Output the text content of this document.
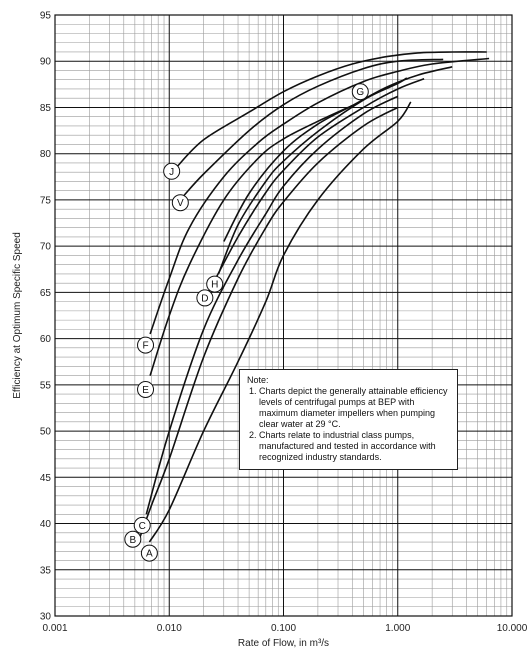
J
V
F
E
G
H
D
C
B
A
30
35
40
45
50
55
60
65
70
75
80
85
90
95
0.001	0.010	0.100	1.000	10.000
Rate of Flow, in m³/s
Efficiency at Optimum Specific Speed	Note:
1. Charts depict the generally attainable efficiency levels of centrifugal pumps at BEP with maximum diameter impellers when pumping clear water at 29 °C.
2. Charts relate to industrial class pumps, manufactured and tested in accordance with recognized industry standards.
